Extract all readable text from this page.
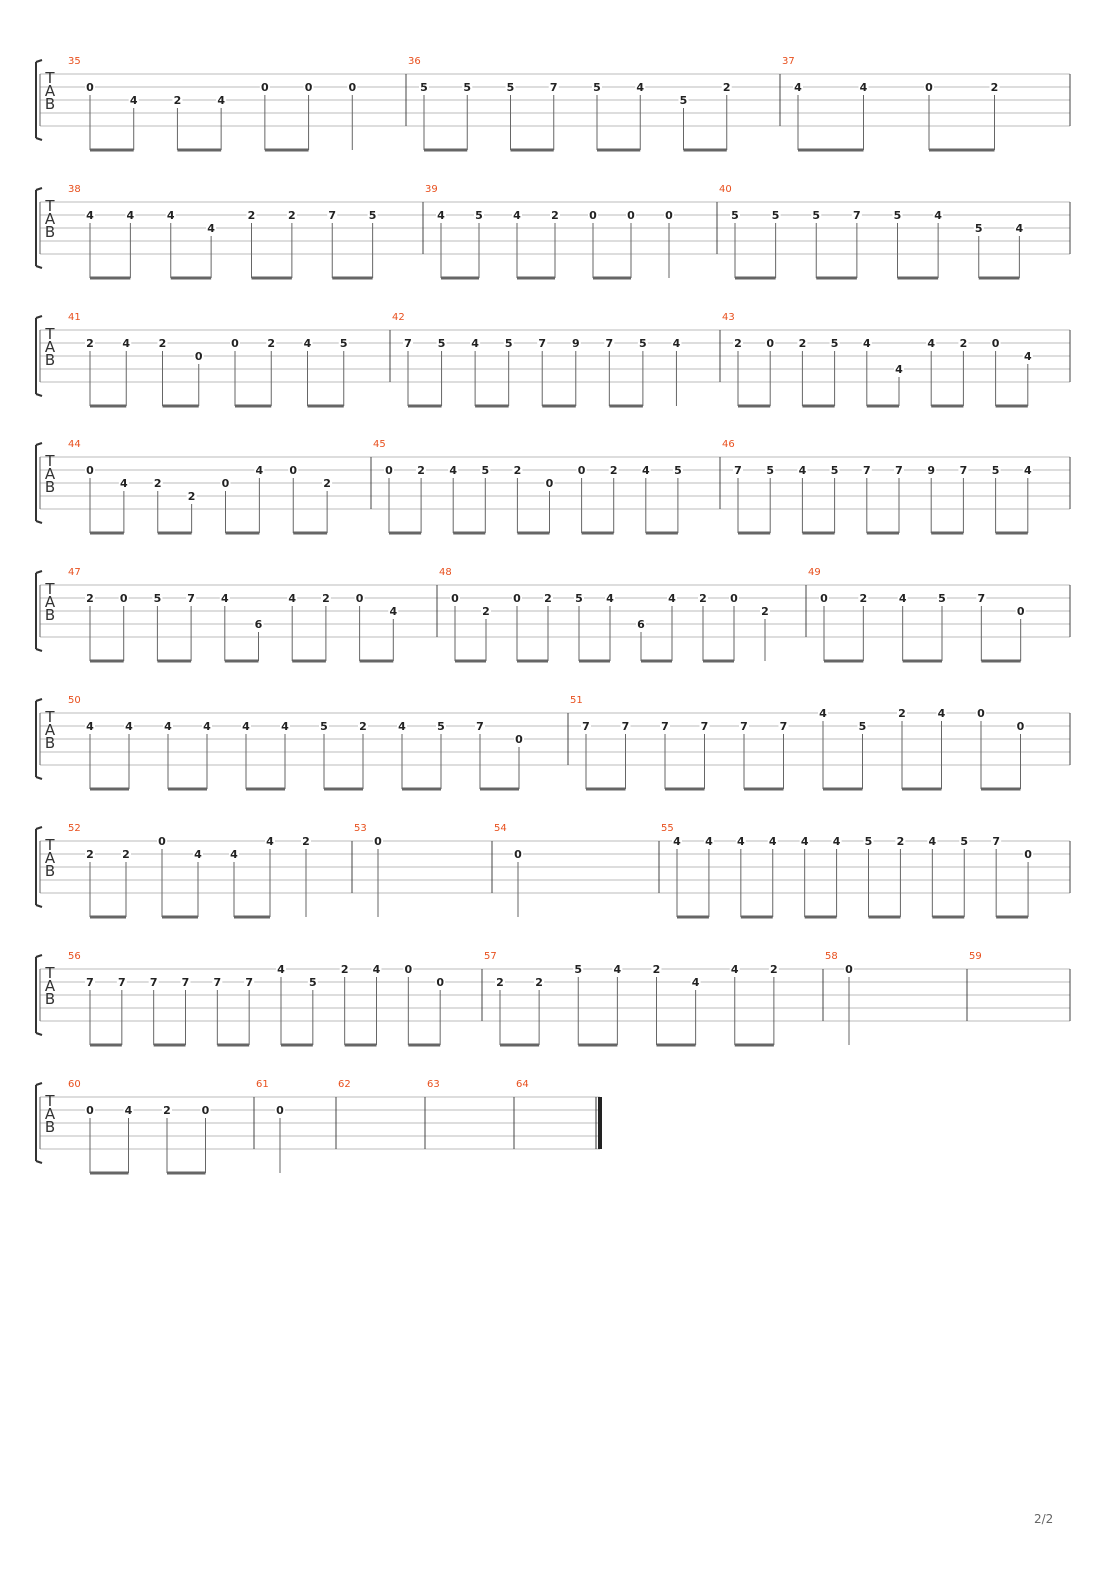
T
A
B
35
0
4	2	4
0	0	0
36
5	5	5	7	5	4
5
2
37
4	4	0	2
T
A
B
38
4	4	4
4
2	2	7	5
39
4	5	4	2	0	0	0
40
5	5	5	7	5	4
5	4
T
A
B
41
2	4	2
0
0	2	4	5
42
7 5 4 5 7 9 7 5 4
43
2 0 2 5 4
4
4 2 0
4
T
A
B
44
0
4 2
2
0
4 0
2
45
0 2 4 5 2
0
0 2 4 5
46
7 5 4 5 7 7 9 7 5 4
T
A
B
47
2 0 5 7 4
6
4 2 0
4
48
0
2
0 2 5 4
6
4 2 0
2
49
0	2	4	5	7
0
T
A
B
50
4	4	4	4	4	4	5	2	4	5	7
0
51
7	7	7	7	7	7
4
5
2	4	0
0
T
A
B
52
2	2
0
4	4
4	2
53
0
54
0
55
4 4 4 4 4 4 5 2 4 5 7
0
T
A
B
56
7 7 7 7 7 7
4
5
2 4 0
0
57
2	2
5	4	2
4
4	2
58
0
59
T
A
B
60
0	4	2	0
61
0
62	63	64
2/2
